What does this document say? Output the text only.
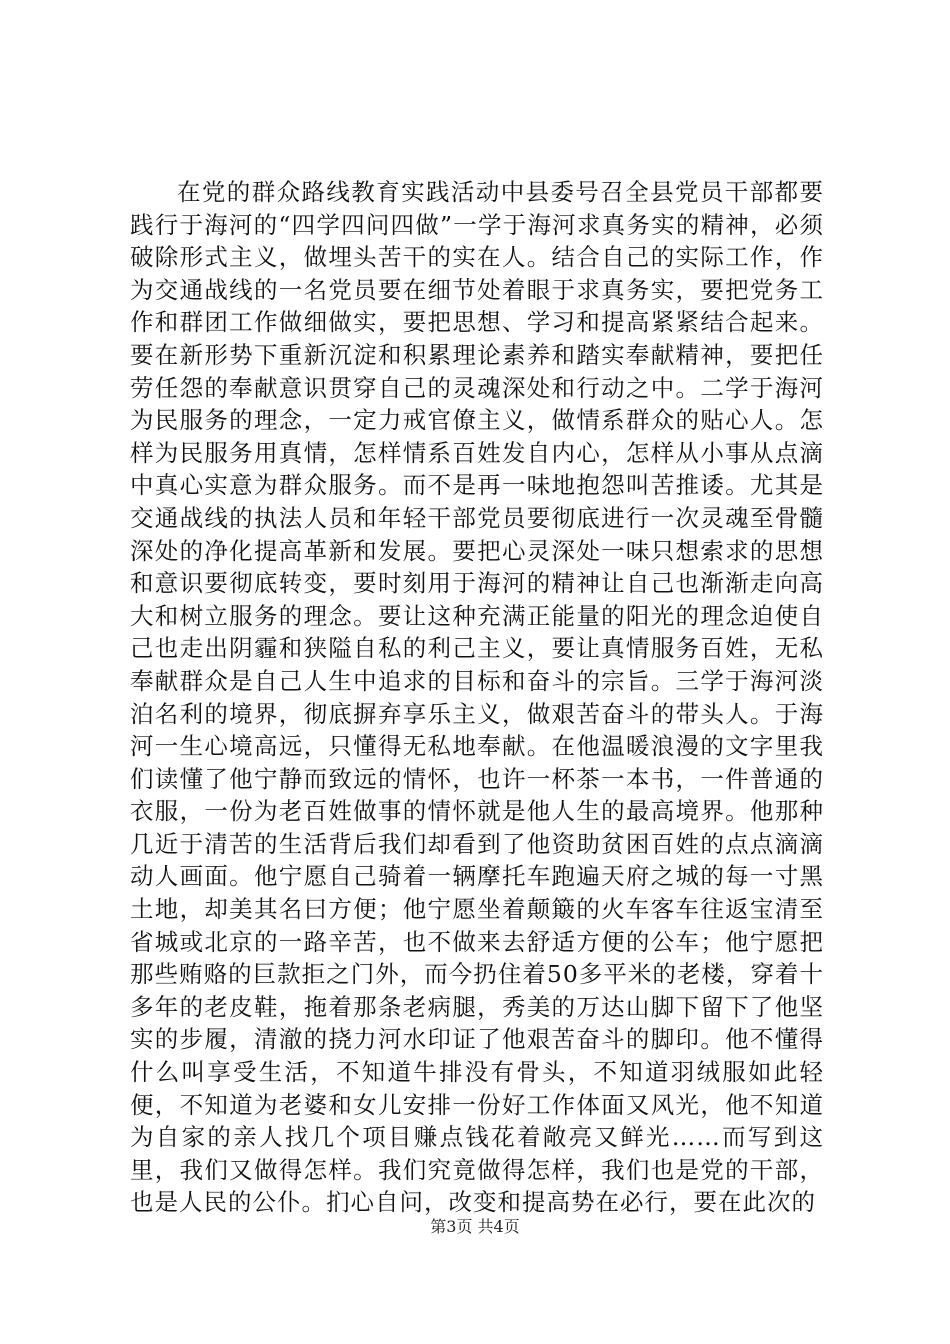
在党的群众路线教育实践活动中县委号召全县党员干部都要践行于海河的“四学四问四做”一学于海河求真务实的精神，必须破除形式主义，做埋头苦干的实在人。结合自己的实际工作，作为交通战线的一名党员要在细节处着眼于求真务实，要把党务工作和群团工作做细做实，要把思想、学习和提高紧紧结合起来。要在新形势下重新沉淀和积累理论素养和踏实奉献精神，要把任劳任怨的奉献意识贯穿自己的灵魂深处和行动之中。二学于海河为民服务的理念，一定力戒官僚主义，做情系群众的贴心人。怎样为民服务用真情，怎样情系百姓发自内心，怎样从小事从点滴中真心实意为群众服务。而不是再一味地抱怨叫苦推诿。尤其是交通战线的执法人员和年轻干部党员要彻底进行一次灵魂至骨髓深处的净化提高革新和发展。要把心灵深处一味只想索求的思想和意识要彻底转变，要时刻用于海河的精神让自己也渐渐走向高大和树立服务的理念。要让这种充满正能量的阳光的理念迫使自己也走出阴霾和狭隘自私的利己主义，要让真情服务百姓，无私奉献群众是自己人生中追求的目标和奋斗的宗旨。三学于海河淡泊名利的境界，彻底摒弃享乐主义，做艰苦奋斗的带头人。于海河一生心境高远，只懂得无私地奉献。在他温暖浪漫的文字里我们读懂了他宁静而致远的情怀，也许一杯茶一本书，一件普通的衣服，一份为老百姓做事的情怀就是他人生的最高境界。他那种几近于清苦的生活背后我们却看到了他资助贫困百姓的点点滴滴动人画面。他宁愿自己骑着一辆摩托车跑遍天府之城的每一寸黑土地，却美其名曰方便；他宁愿坐着颠簸的火车客车往返宝清至省城或北京的一路辛苦，也不做来去舒适方便的公车；他宁愿把那些贿赂的巨款拒之门外，而今扔住着50多平米的老楼，穿着十多年的老皮鞋，拖着那条老病腿，秀美的万达山脚下留下了他坚实的步履，清澈的挠力河水印证了他艰苦奋斗的脚印。他不懂得什么叫享受生活，不知道牛排没有骨头，不知道羽绒服如此轻便，不知道为老婆和女儿安排一份好工作体面又风光，他不知道为自家的亲人找几个项目赚点钱花着敞亮又鲜光……而写到这里，我们又做得怎样。我们究竟做得怎样，我们也是党的干部，也是人民的公仆。扪心自问，改变和提高势在必行，要在此次的

第3页 共4页
